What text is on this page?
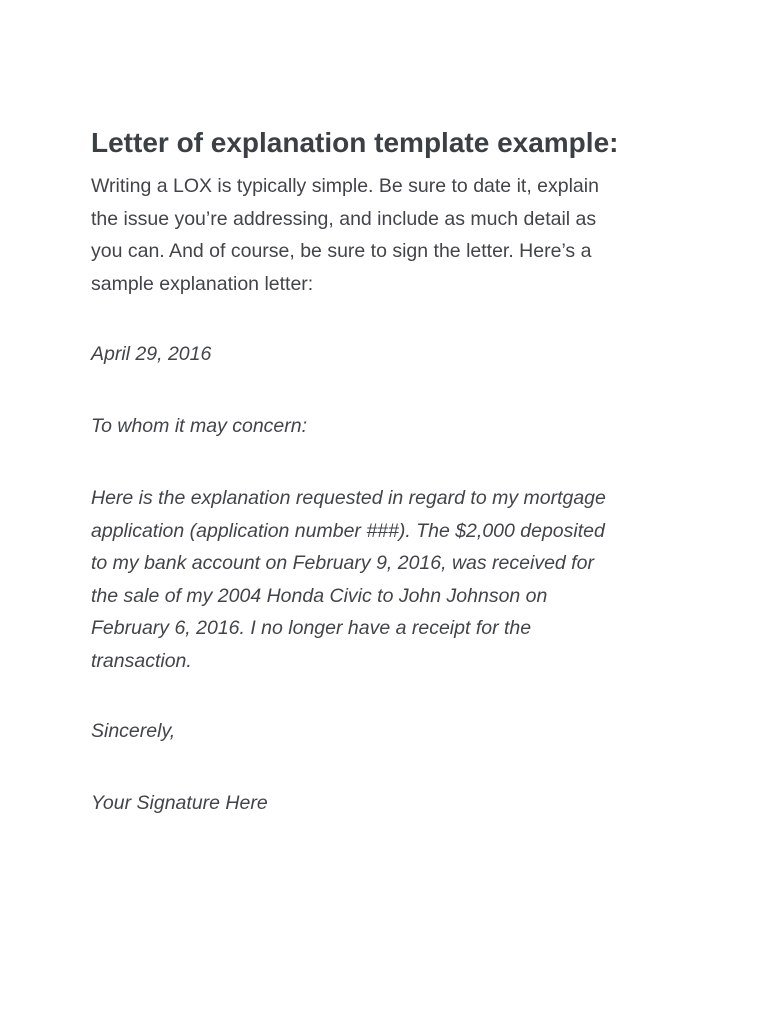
Letter of explanation template example:

Writing a LOX is typically simple. Be sure to date it, explain
the issue you’re addressing, and include as much detail as
you can. And of course, be sure to sign the letter. Here’s a
sample explanation letter:

April 29, 2016

To whom it may concern:

Here is the explanation requested in regard to my mortgage
application (application number ###). The $2,000 deposited
to my bank account on February 9, 2016, was received for
the sale of my 2004 Honda Civic to John Johnson on
February 6, 2016. I no longer have a receipt for the
transaction.

Sincerely,

Your Signature Here
